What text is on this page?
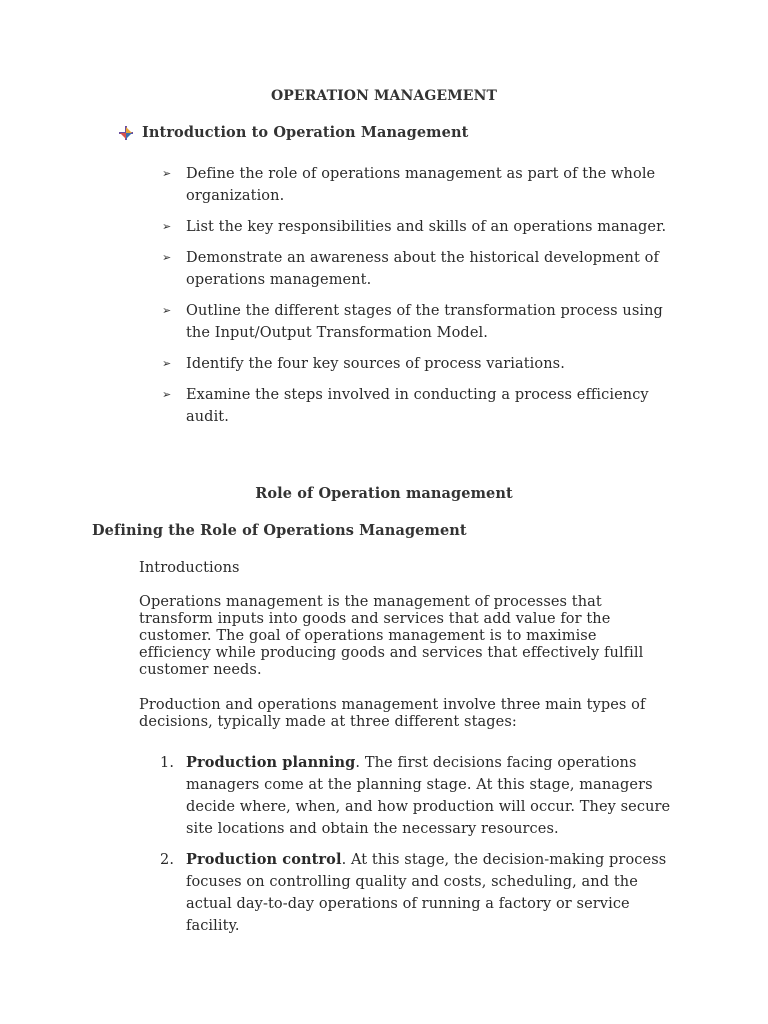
OPERATION MANAGEMENT
Introduction to Operation Management
➢ Define the role of operations management as part of the whole organization.
➢ List the key responsibilities and skills of an operations manager.
➢ Demonstrate an awareness about the historical development of operations management.
➢ Outline the different stages of the transformation process using the Input/Output Transformation Model.
➢ Identify the four key sources of process variations.
➢ Examine the steps involved in conducting a process efficiency audit.
Role of Operation management
Defining the Role of Operations Management
Introductions
Operations management is the management of processes that transform inputs into goods and services that add value for the customer. The goal of operations management is to maximise efficiency while producing goods and services that effectively fulfill customer needs.
Production and operations management involve three main types of decisions, typically made at three different stages:
1. Production planning. The first decisions facing operations managers come at the planning stage. At this stage, managers decide where, when, and how production will occur. They secure site locations and obtain the necessary resources.
2. Production control. At this stage, the decision-making process focuses on controlling quality and costs, scheduling, and the actual day-to-day operations of running a factory or service facility.
